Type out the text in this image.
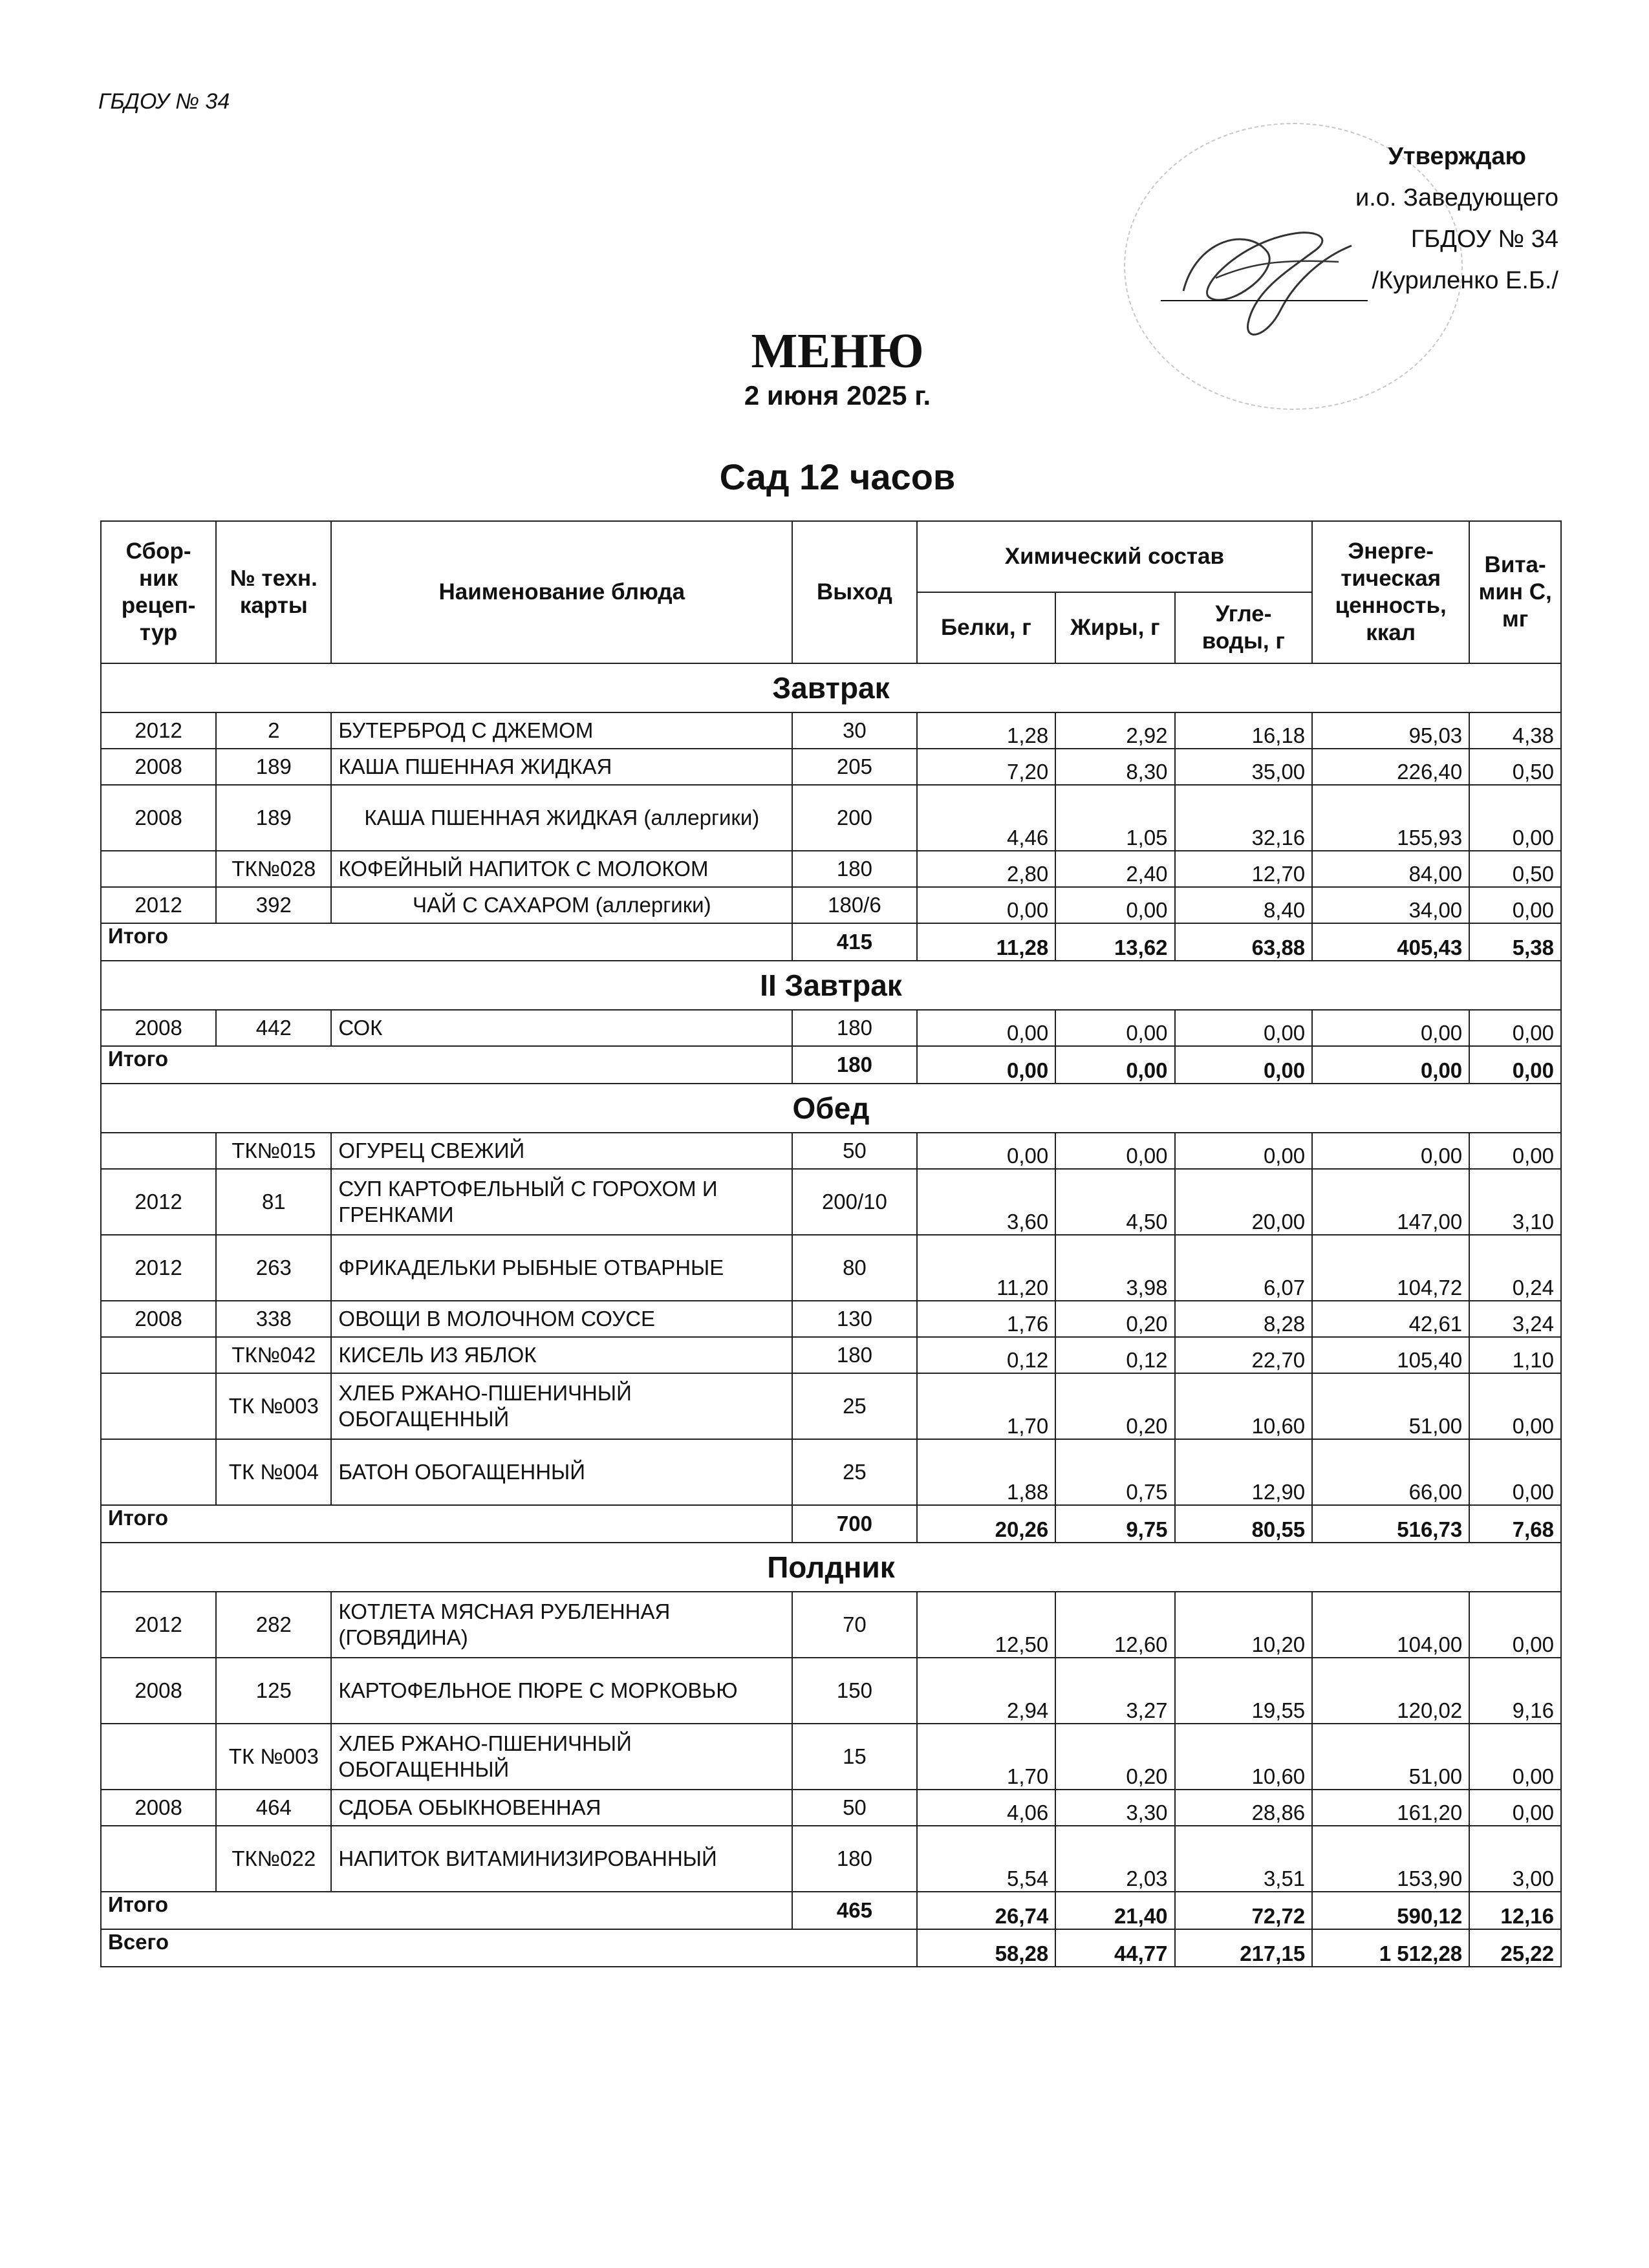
ГБДОУ № 34
Утверждаю
и.о. Заведующего
ГБДОУ № 34
/Куриленко Е.Б./
МЕНЮ
2 июня 2025 г.
Сад 12 часов
Сбор-ник рецеп-тур	№ техн. карты	Наименование блюда	Выход	Химический состав			Энерге-тическая ценность, ккал	Вита-мин С, мг
				Белки, г	Жиры, г	Угле-воды, г		
Завтрак								
2012	2	БУТЕРБРОД С ДЖЕМОМ	30	1,28	2,92	16,18	95,03	4,38
2008	189	КАША ПШЕННАЯ ЖИДКАЯ	205	7,20	8,30	35,00	226,40	0,50
2008	189	КАША ПШЕННАЯ ЖИДКАЯ (аллергики)	200	4,46	1,05	32,16	155,93	0,00
	ТК№028	КОФЕЙНЫЙ НАПИТОК С МОЛОКОМ	180	2,80	2,40	12,70	84,00	0,50
2012	392	ЧАЙ С САХАРОМ (аллергики)	180/6	0,00	0,00	8,40	34,00	0,00
Итого			415	11,28	13,62	63,88	405,43	5,38
II Завтрак								
2008	442	СОК	180	0,00	0,00	0,00	0,00	0,00
Итого			180	0,00	0,00	0,00	0,00	0,00
Обед								
	ТК№015	ОГУРЕЦ СВЕЖИЙ	50	0,00	0,00	0,00	0,00	0,00
2012	81	СУП КАРТОФЕЛЬНЫЙ С ГОРОХОМ И ГРЕНКАМИ	200/10	3,60	4,50	20,00	147,00	3,10
2012	263	ФРИКАДЕЛЬКИ РЫБНЫЕ ОТВАРНЫЕ	80	11,20	3,98	6,07	104,72	0,24
2008	338	ОВОЩИ В МОЛОЧНОМ СОУСЕ	130	1,76	0,20	8,28	42,61	3,24
	ТК№042	КИСЕЛЬ ИЗ ЯБЛОК	180	0,12	0,12	22,70	105,40	1,10
	ТК №003	ХЛЕБ РЖАНО-ПШЕНИЧНЫЙ ОБОГАЩЕННЫЙ	25	1,70	0,20	10,60	51,00	0,00
	ТК №004	БАТОН ОБОГАЩЕННЫЙ	25	1,88	0,75	12,90	66,00	0,00
Итого			700	20,26	9,75	80,55	516,73	7,68
Полдник								
2012	282	КОТЛЕТА МЯСНАЯ РУБЛЕННАЯ (ГОВЯДИНА)	70	12,50	12,60	10,20	104,00	0,00
2008	125	КАРТОФЕЛЬНОЕ ПЮРЕ С МОРКОВЬЮ	150	2,94	3,27	19,55	120,02	9,16
	ТК №003	ХЛЕБ РЖАНО-ПШЕНИЧНЫЙ ОБОГАЩЕННЫЙ	15	1,70	0,20	10,60	51,00	0,00
2008	464	СДОБА ОБЫКНОВЕННАЯ	50	4,06	3,30	28,86	161,20	0,00
	ТК№022	НАПИТОК ВИТАМИНИЗИРОВАННЫЙ	180	5,54	2,03	3,51	153,90	3,00
Итого			465	26,74	21,40	72,72	590,12	12,16
Всего				58,28	44,77	217,15	1 512,28	25,22
